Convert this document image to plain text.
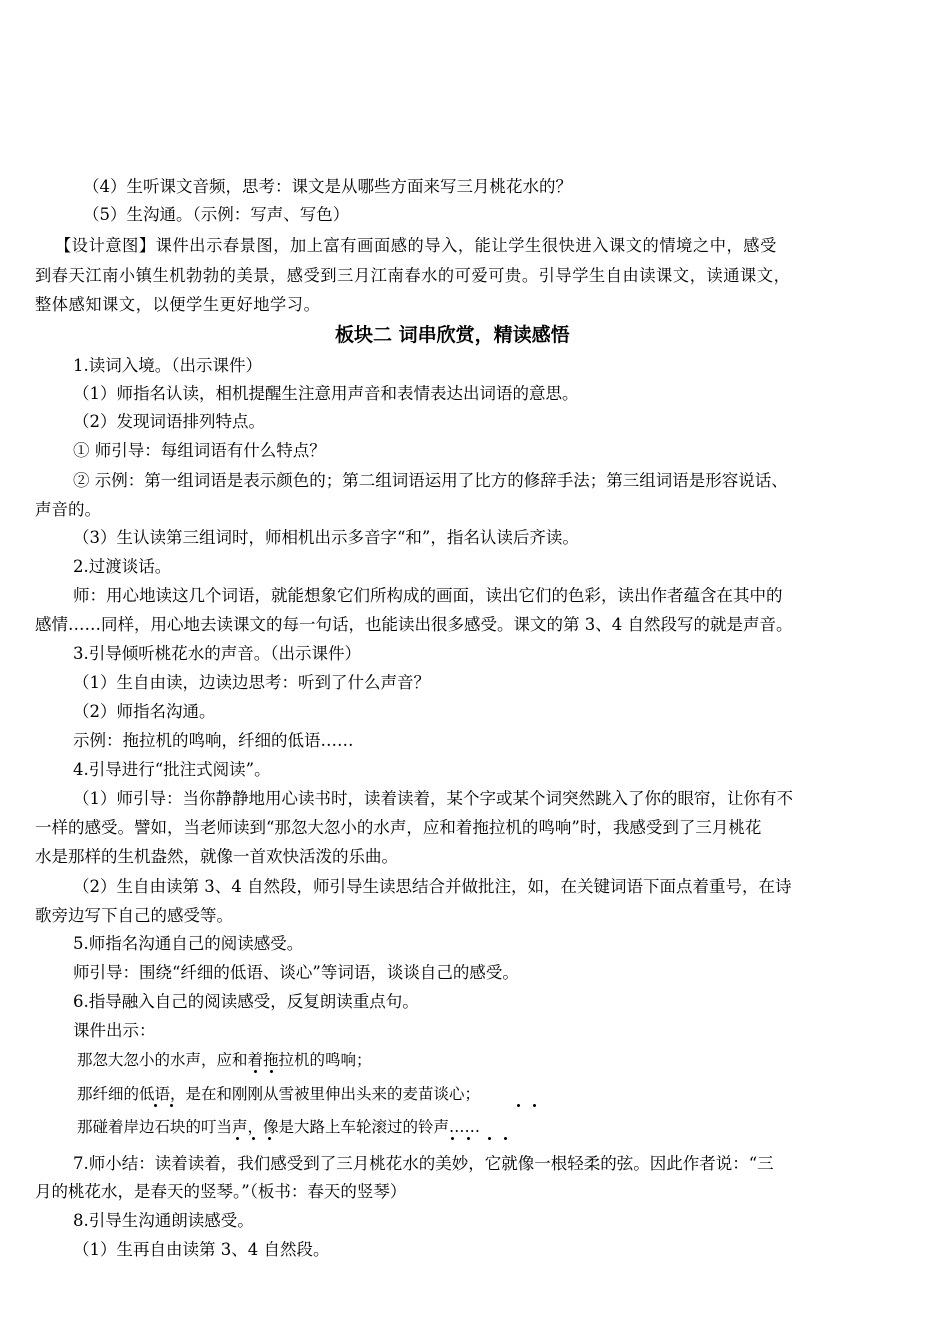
（4）生听课文音频，思考：课文是从哪些方面来写三月桃花水的？
（5）生沟通。（示例：写声、写色）
【设计意图】课件出示春景图，加上富有画面感的导入，能让学生很快进入课文的情境之中，感受
到春天江南小镇生机勃勃的美景，感受到三月江南春水的可爱可贵。引导学生自由读课文，读通课文，
整体感知课文，以便学生更好地学习。
板块二 词串欣赏，精读感悟
1.读词入境。（出示课件）
（1）师指名认读，相机提醒生注意用声音和表情表达出词语的意思。
（2）发现词语排列特点。
① 师引导：每组词语有什么特点？
② 示例：第一组词语是表示颜色的；第二组词语运用了比方的修辞手法；第三组词语是形容说话、
声音的。
（3）生认读第三组词时，师相机出示多音字“和”，指名认读后齐读。
2.过渡谈话。
师：用心地读这几个词语，就能想象它们所构成的画面，读出它们的色彩，读出作者蕴含在其中的
感情……同样，用心地去读课文的每一句话，也能读出很多感受。课文的第 3、4 自然段写的就是声音。
3.引导倾听桃花水的声音。（出示课件）
（1）生自由读，边读边思考：听到了什么声音？
（2）师指名沟通。
示例：拖拉机的鸣响，纤细的低语……
4.引导进行“批注式阅读”。
（1）师引导：当你静静地用心读书时，读着读着，某个字或某个词突然跳入了你的眼帘，让你有不
一样的感受。譬如，当老师读到“那忽大忽小的水声，应和着拖拉机的鸣响”时，我感受到了三月桃花
水是那样的生机盎然，就像一首欢快活泼的乐曲。
（2）生自由读第 3、4 自然段，师引导生读思结合并做批注，如，在关键词语下面点着重号，在诗
歌旁边写下自己的感受等。
5.师指名沟通自己的阅读感受。
师引导：围绕“纤细的低语、谈心”等词语，谈谈自己的感受。
6.指导融入自己的阅读感受，反复朗读重点句。
课件出示：
那忽大忽小的水声，应和着拖拉机的鸣响；
那纤细的低语，是在和刚刚从雪被里伸出头来的麦苗谈心；
那碰着岸边石块的叮当声，像是大路上车轮滚过的铃声……
7.师小结：读着读着，我们感受到了三月桃花水的美妙，它就像一根轻柔的弦。因此作者说：“三
月的桃花水，是春天的竖琴。”（板书：春天的竖琴）
8.引导生沟通朗读感受。
（1）生再自由读第 3、4 自然段。
